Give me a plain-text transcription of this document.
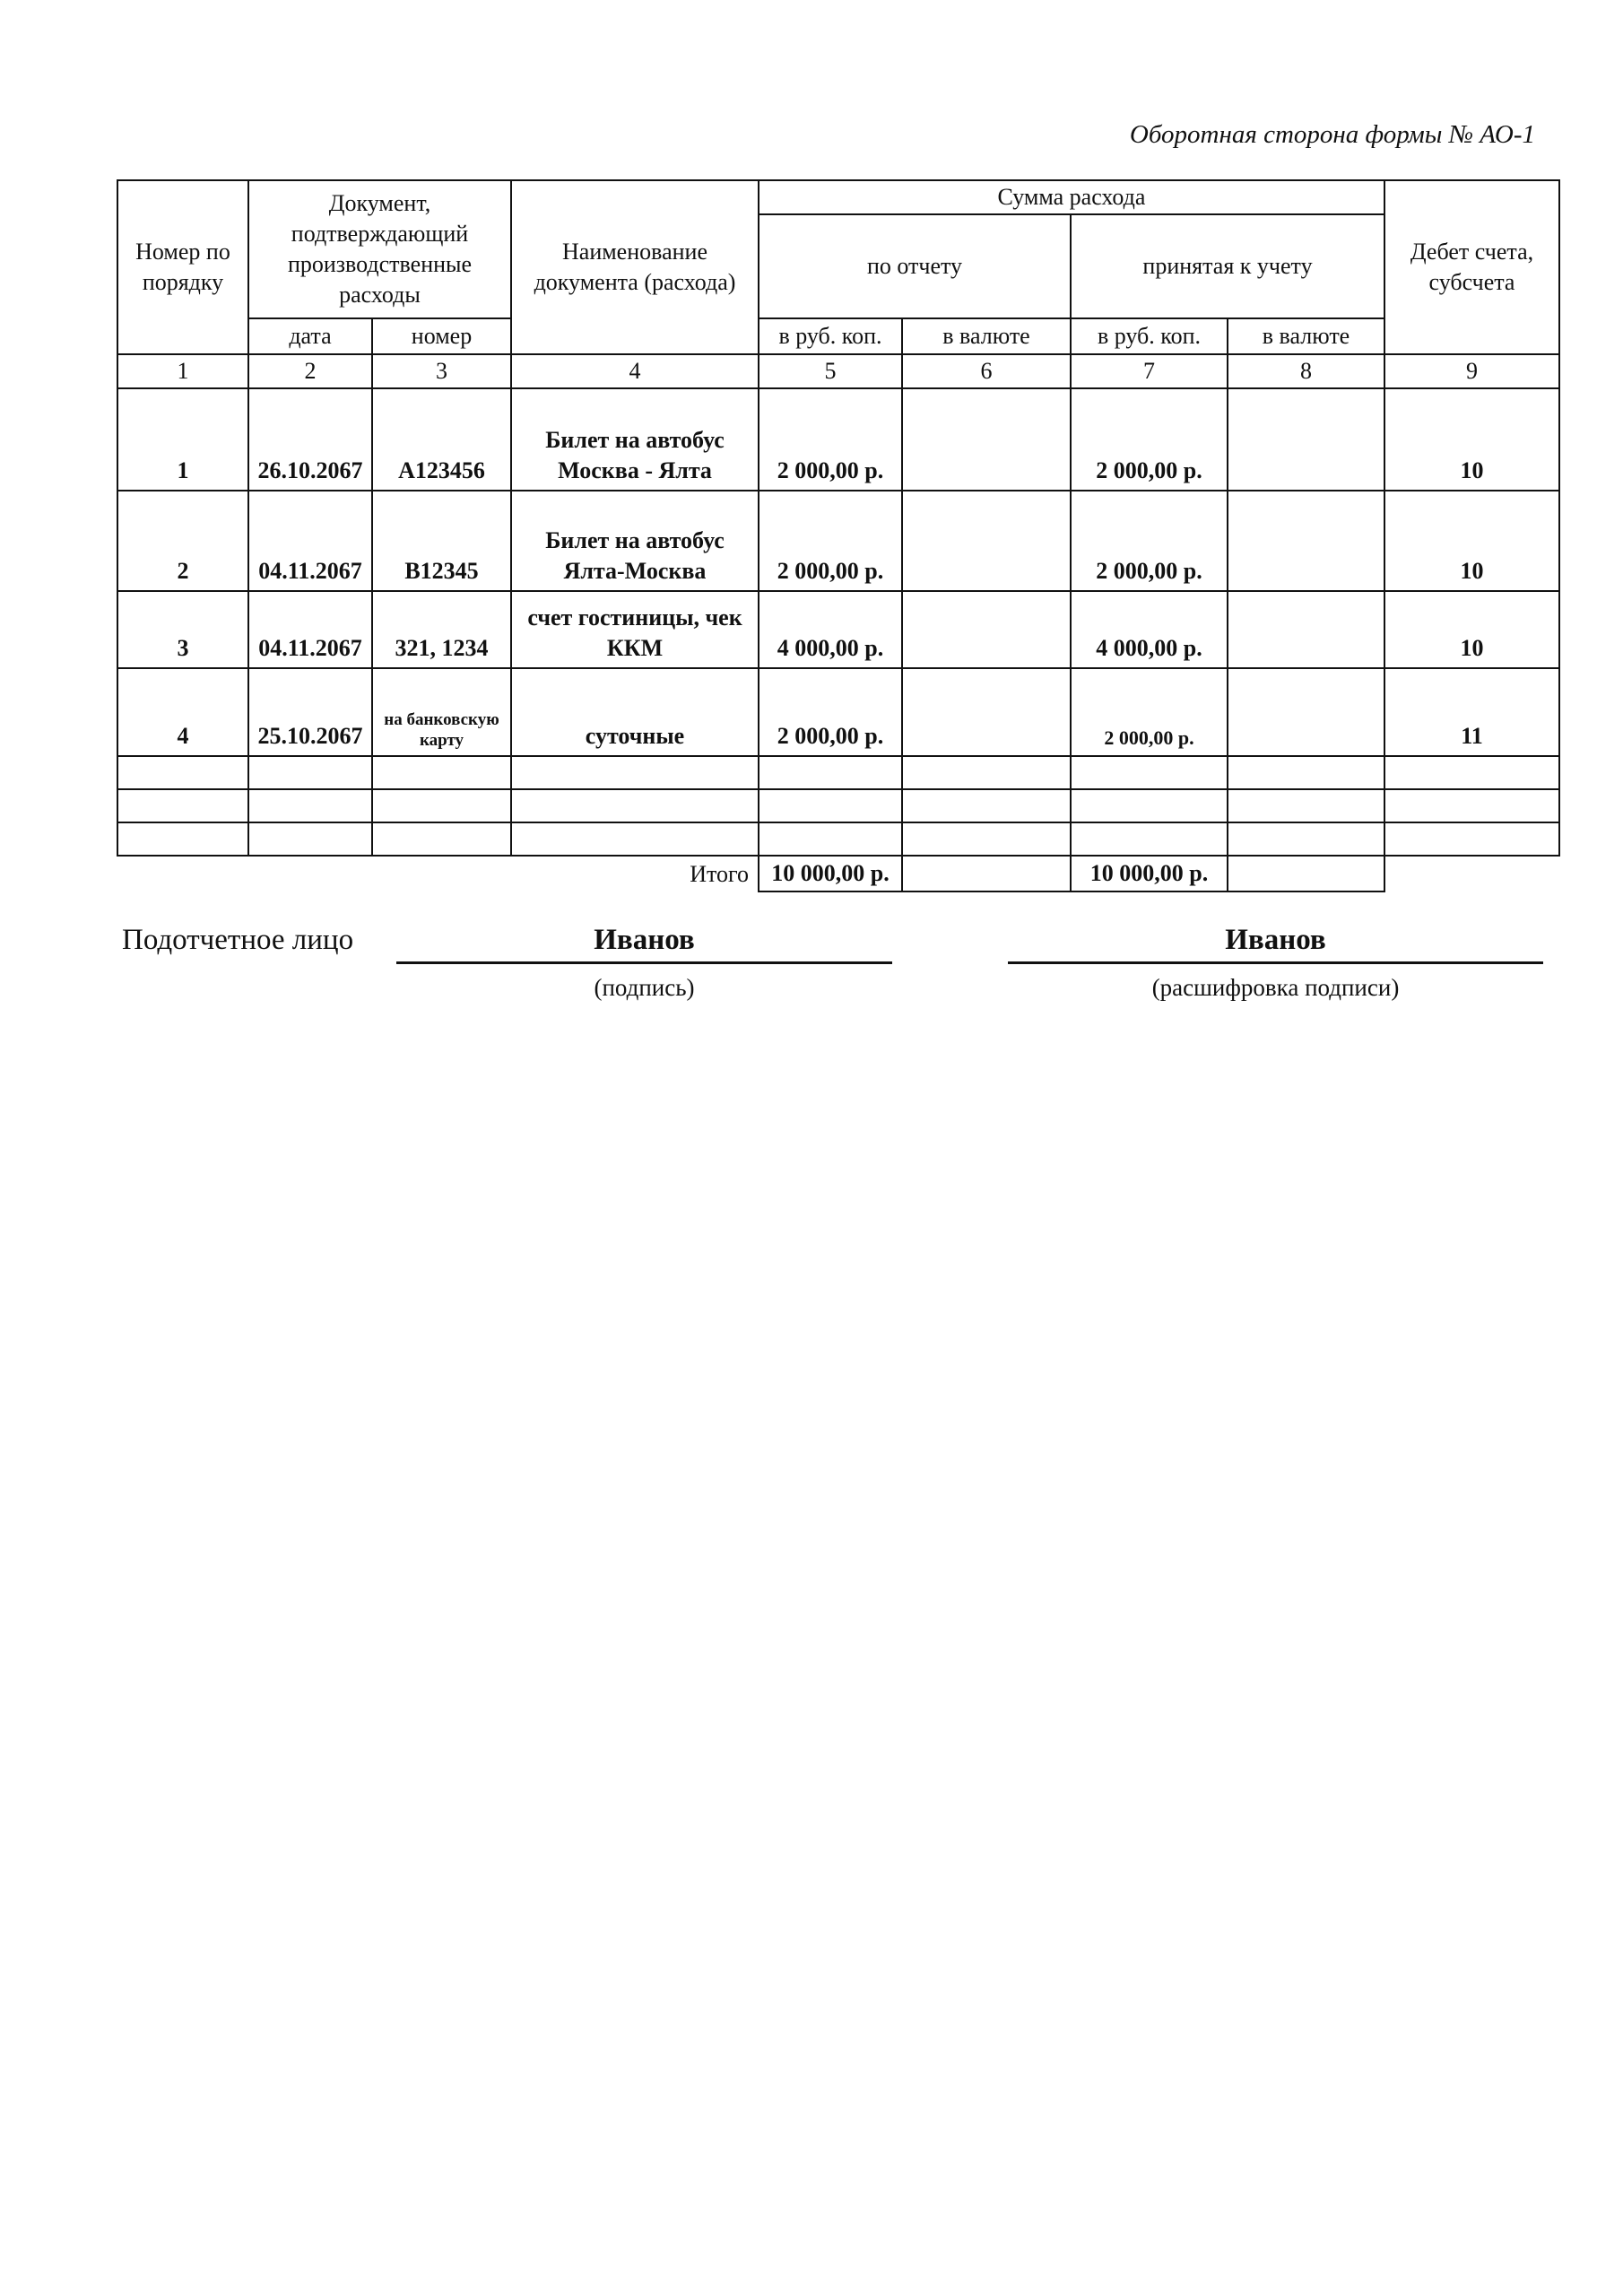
Оборотная сторона формы № АО-1
Номер по порядку	Документ, подтверждающий производственные расходы		Наименование документа (расхода)	Сумма расхода				Дебет счета, субсчета
				по отчету		принятая к учету		
	дата	номер		в руб. коп.	в валюте	в руб. коп.	в валюте	
1	2	3	4	5	6	7	8	9
1	26.10.2067	А123456	Билет на автобус Москва - Ялта	2 000,00 р.		2 000,00 р.		10
2	04.11.2067	В12345	Билет на автобус Ялта-Москва	2 000,00 р.		2 000,00 р.		10
3	04.11.2067	321, 1234	счет гостиницы, чек ККМ	4 000,00 р.		4 000,00 р.		10
4	25.10.2067	на банковскую карту	суточные	2 000,00 р.		2 000,00 р.		11

Итого				10 000,00 р.		10 000,00 р.		
Подотчетное лицо	Иванов
(подпись)
Иванов
(расшифровка подписи)
